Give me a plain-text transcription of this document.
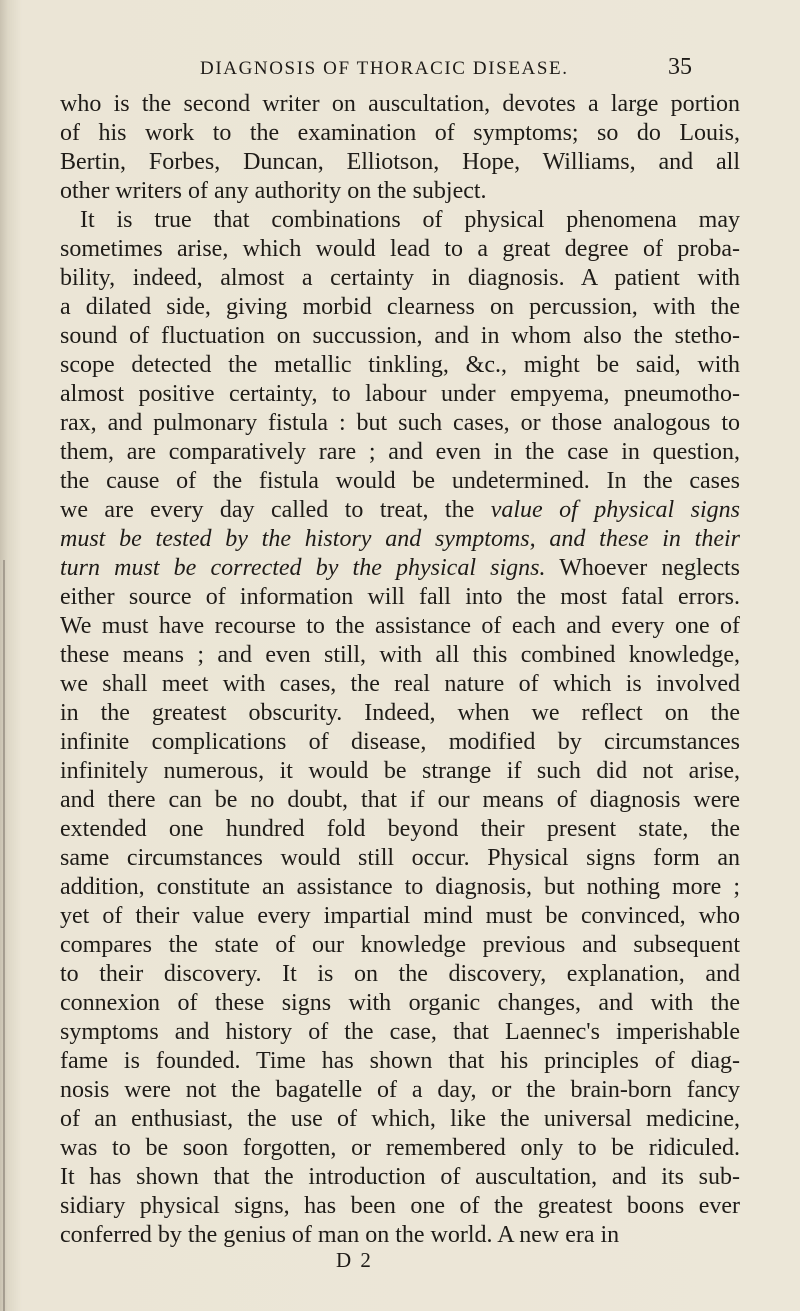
DIAGNOSIS OF THORACIC DISEASE.	35
who is the second writer on auscultation, devotes a large portion
of his work to the examination of symptoms; so do Louis,
Bertin, Forbes, Duncan, Elliotson, Hope, Williams, and all
other writers of any authority on the subject.
It is true that combinations of physical phenomena may
sometimes arise, which would lead to a great degree of proba-
bility, indeed, almost a certainty in diagnosis. A patient with
a dilated side, giving morbid clearness on percussion, with the
sound of fluctuation on succussion, and in whom also the stetho-
scope detected the metallic tinkling, &c., might be said, with
almost positive certainty, to labour under empyema, pneumotho-
rax, and pulmonary fistula : but such cases, or those analogous to
them, are comparatively rare ; and even in the case in question,
the cause of the fistula would be undetermined. In the cases
we are every day called to treat, the value of physical signs
must be tested by the history and symptoms, and these in their
turn must be corrected by the physical signs. Whoever neglects
either source of information will fall into the most fatal errors.
We must have recourse to the assistance of each and every one of
these means ; and even still, with all this combined knowledge,
we shall meet with cases, the real nature of which is involved
in the greatest obscurity. Indeed, when we reflect on the
infinite complications of disease, modified by circumstances
infinitely numerous, it would be strange if such did not arise,
and there can be no doubt, that if our means of diagnosis were
extended one hundred fold beyond their present state, the
same circumstances would still occur. Physical signs form an
addition, constitute an assistance to diagnosis, but nothing more ;
yet of their value every impartial mind must be convinced, who
compares the state of our knowledge previous and subsequent
to their discovery. It is on the discovery, explanation, and
connexion of these signs with organic changes, and with the
symptoms and history of the case, that Laennec's imperishable
fame is founded. Time has shown that his principles of diag-
nosis were not the bagatelle of a day, or the brain-born fancy
of an enthusiast, the use of which, like the universal medicine,
was to be soon forgotten, or remembered only to be ridiculed.
It has shown that the introduction of auscultation, and its sub-
sidiary physical signs, has been one of the greatest boons ever
conferred by the genius of man on the world. A new era in
D 2
